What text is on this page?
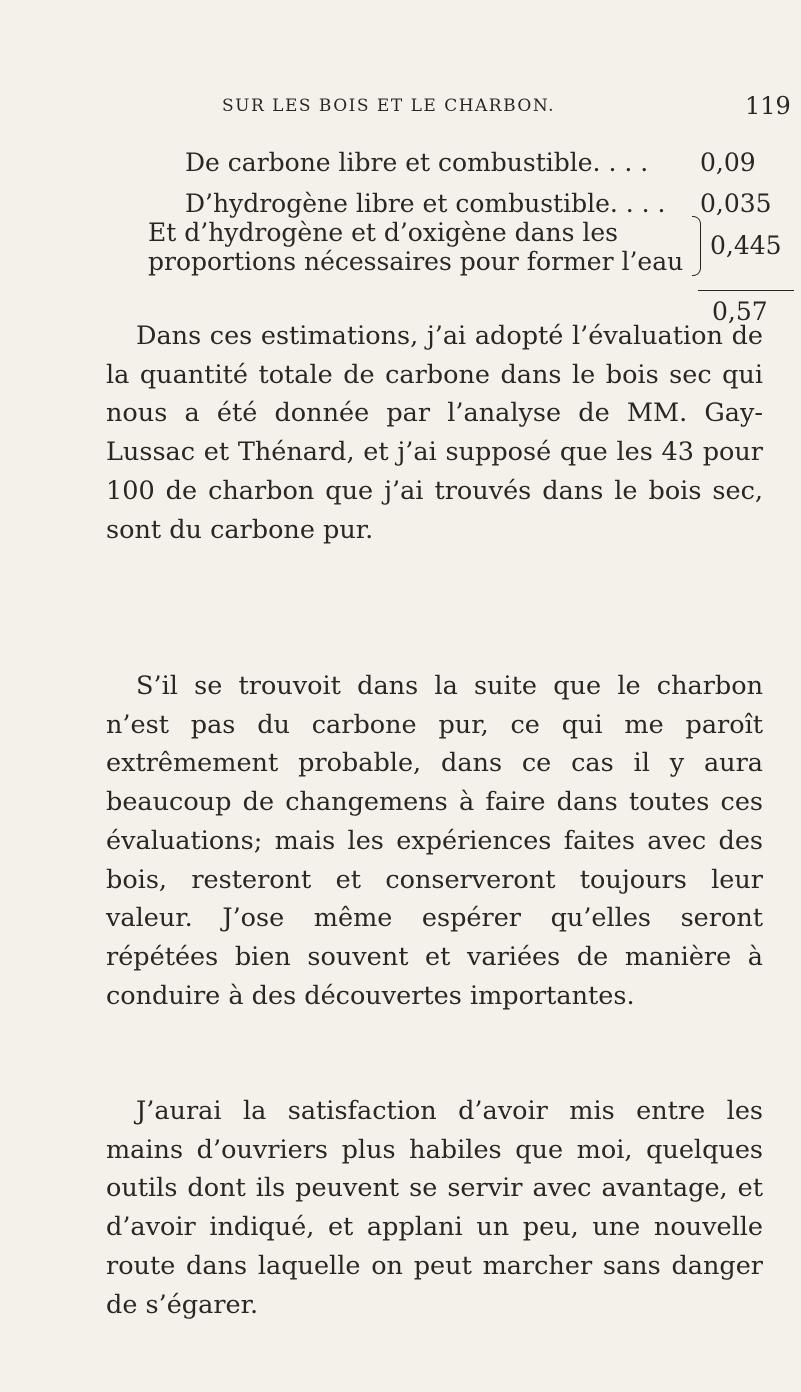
SUR LES BOIS ET LE CHARBON.	119
De carbone libre et combustible. . . . 0,09
D’hydrogène libre et combustible. . . . 0,035
Et d’hydrogène et d’oxigène dans les
proportions nécessaires pour former l’eau
0,445
0,57

Dans ces estimations, j’ai adopté l’évaluation de la quantité totale de carbone dans le bois sec qui nous a été donnée par l’analyse de MM. Gay-Lussac et Thénard, et j’ai supposé que les 43 pour 100 de charbon que j’ai trouvés dans le bois sec, sont du carbone pur.

S’il se trouvoit dans la suite que le charbon n’est pas du carbone pur, ce qui me paroît extrêmement probable, dans ce cas il y aura beaucoup de changemens à faire dans toutes ces évaluations; mais les expériences faites avec des bois, resteront et conserveront toujours leur valeur. J’ose même espérer qu’elles seront répétées bien souvent et variées de manière à conduire à des découvertes importantes.

J’aurai la satisfaction d’avoir mis entre les mains d’ouvriers plus habiles que moi, quelques outils dont ils peuvent se servir avec avantage, et d’avoir indiqué, et applani un peu, une nouvelle route dans laquelle on peut marcher sans danger de s’égarer.
